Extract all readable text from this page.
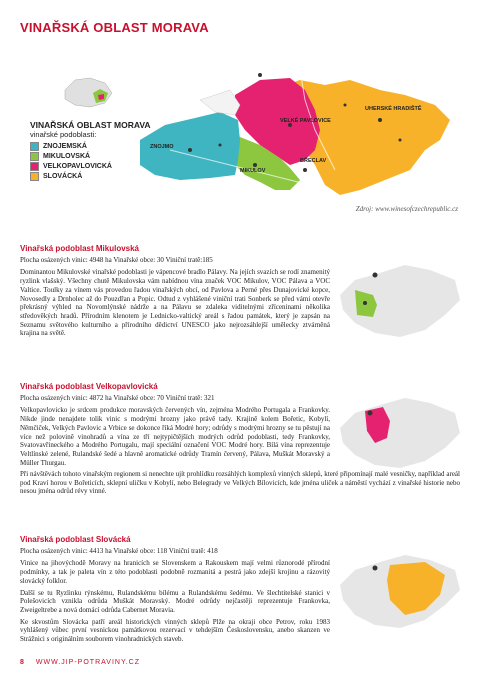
VINAŘSKÁ OBLAST MORAVA
ZNOJMO
MIKULOV
VELKÉ PAVLOVICE
BŘECLAV
UHERSKÉ HRADIŠTĚ
VINAŘSKÁ OBLAST MORAVA
vinařské podoblasti:
ZNOJEMSKÁ
MIKULOVSKÁ
VELKOPAVLOVICKÁ
SLOVÁCKÁ
Zdroj: www.winesofczechrepublic.cz
Vinařská podoblast Mikulovská
Plocha osázených vinic: 4948 ha Vinařské obce: 30 Viniční tratě:185

Dominantou Mikulovské vinařské podoblasti je vápencové bradlo Pálavy. Na jejích svazích se rodí znamenitý ryzlink vlašský. Všechny chutě Mikulovska vám nabídnou vína značek VOC Mikulov, VOC Pálava a VOC Valtice. Toulky za vínem vás provedou řadou vinařských obcí, od Pavlova a Perné přes Dunajovické kopce, Novosedly a Drnholec až do Pouzdřan a Popic. Odtud z vyhlášené viniční trati Sonberk se před vámi otevře překrásný výhled na Novomlýnské nádrže a na Pálavu se zdaleka viditelnými zříceninami několika středověkých hradů. Přírodním klenotem je Lednicko-valtický areál s řadou památek, který je zapsán na Seznamu světového kulturního a přírodního dědictví UNESCO jako nejrozsáhlejší umělecky ztvárněná krajina na světě.

Vinařská podoblast Velkopavlovická
Plocha osázených vinic: 4872 ha Vinařské obce: 70 Viniční tratě: 321

Velkopavlovicko je srdcem produkce moravských červených vín, zejména Modrého Portugala a Frankovky. Nikde jinde nenajdete tolik vinic s modrými hrozny jako právě tady. Krajině kolem Bořetic, Kobylí, Němčiček, Velkých Pavlovic a Vrbice se dokonce říká Modré hory; odrůdy s modrými hrozny se tu pěstují na více než polovině vinohradů a vína ze tří nejtypičtějších modrých odrůd podoblasti, tedy Frankovky, Svatovavřineckého a Modrého Portugalu, mají speciální označení VOC Modré hory. Bílá vína reprezentuje Veltlínské zelené, Rulandské šedé a hlavně aromatické odrůdy Tramín červený, Pálava, Muškát Moravský a Müller Thurgau.

Při návštěvách tohoto vinařským regionem si nenechte ujít prohlídku rozsáhlých komplexů vinných sklepů, které připomínají malé vesničky, například areál pod Kraví horou v Bořeticích, sklepní uličku v Kobylí, nebo Belegrady ve Velkých Bílovicích, kde jména uliček a náměstí vychází z vinařské historie nebo nesou jména odrůd révy vinné.

Vinařská podoblast Slovácká
Plocha osázených vinic: 4413 ha Vinařské obce: 118 Viniční tratě: 418

Vinice na jihovýchodě Moravy na hranicích se Slovenskem a Rakouskem mají velmi různorodé přírodní podmínky, a tak je paleta vín z této podoblasti podobně rozmanitá a pestrá jako zdejší krojinu a rázovitý slovácký folklor.

Další se tu Ryzlinku rýnskému, Rulandskému bílému a Rulandskému šedému. Ve šlechtitelské stanici v Polešovicích vznikla odrůda Muškát Moravský. Modré odrůdy nejčastěji reprezentuje Frankovka, Zweigeltrebe a nová domácí odrůda Cabernet Moravia.

Ke skvostům Slovácka patří areál historických vinných sklepů Plže na okraji obce Petrov, roku 1983 vyhlášený vůbec první vesnickou památkovou rezervací v tehdejším Československu, anebo skanzen ve Strážnici s originálním souborem vinohradnických staveb.

8 WWW.JIP-POTRAVINY.CZ
